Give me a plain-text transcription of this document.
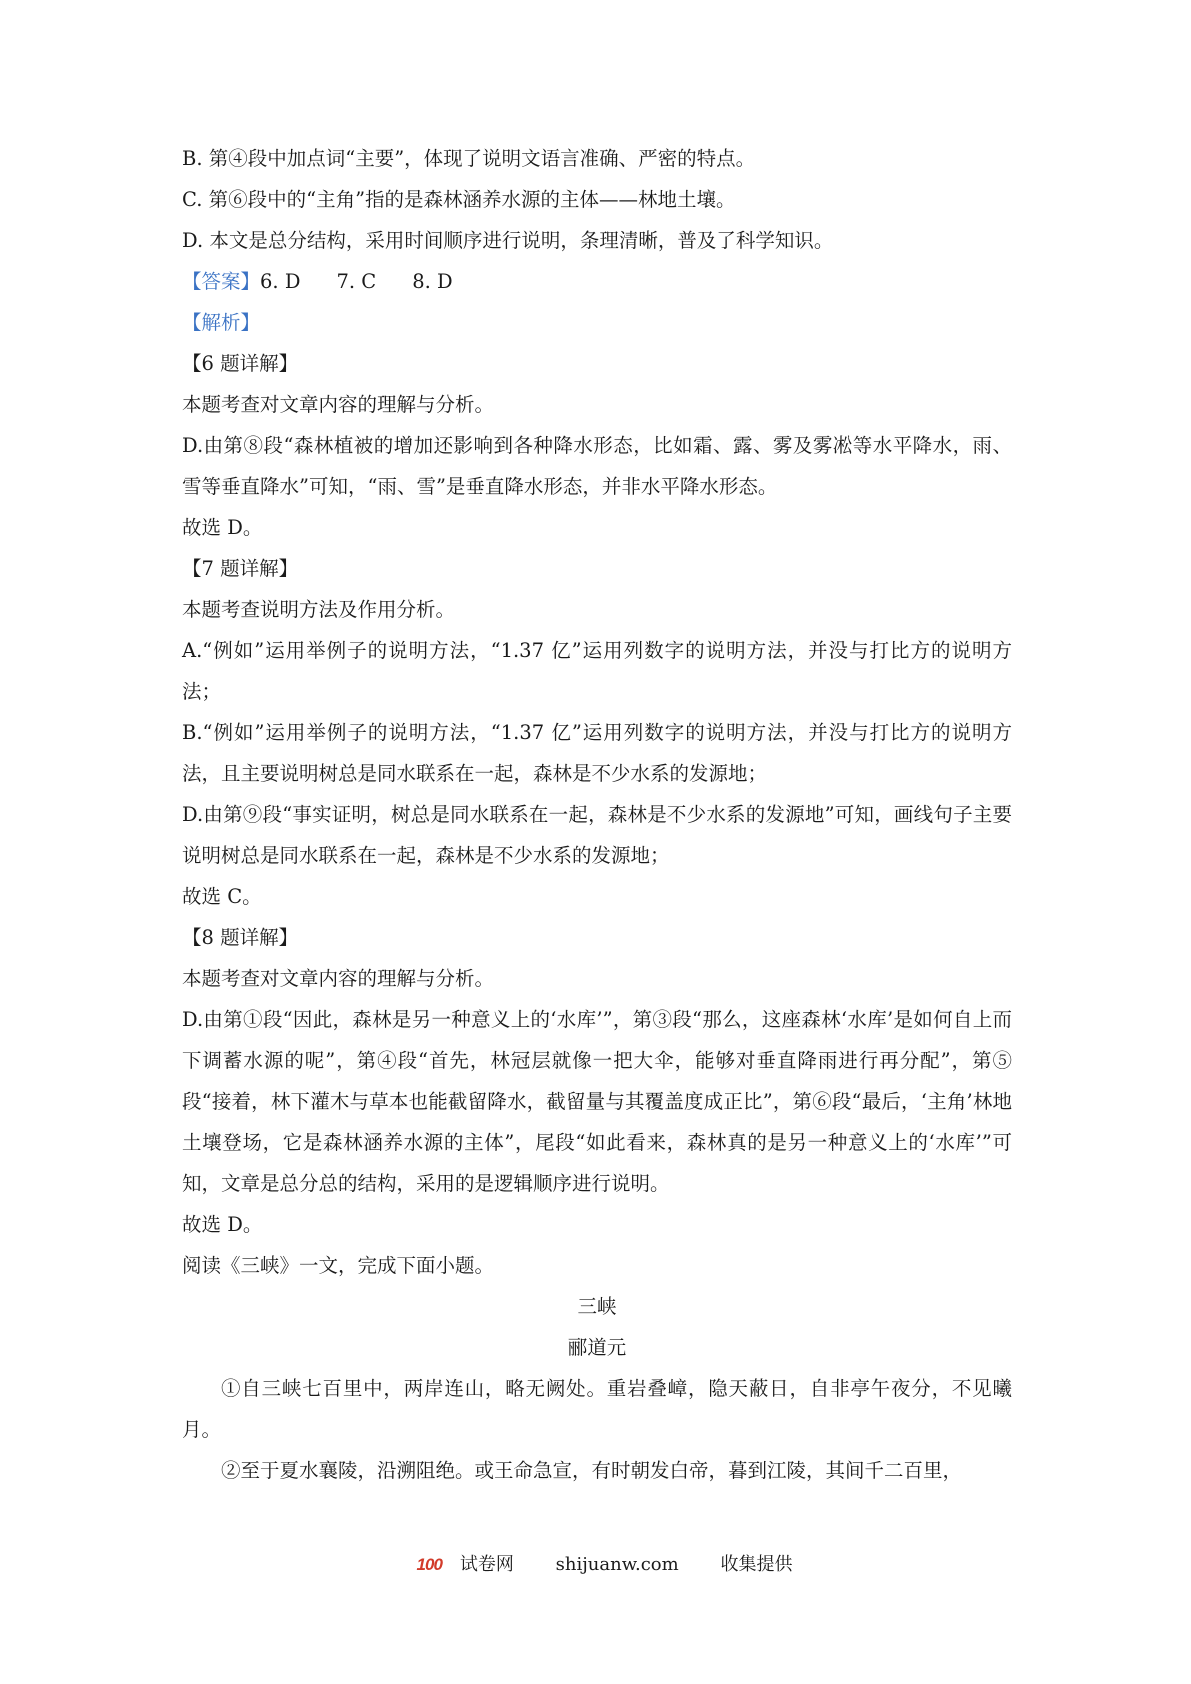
B. 第④段中加点词“主要”，体现了说明文语言准确、严密的特点。
C. 第⑥段中的“主角”指的是森林涵养水源的主体——林地土壤。
D. 本文是总分结构，采用时间顺序进行说明，条理清晰，普及了科学知识。
【答案】6. D 7. C 8. D
【解析】
【6 题详解】
本题考查对文章内容的理解与分析。
D.由第⑧段“森林植被的增加还影响到各种降水形态，比如霜、露、雾及雾凇等水平降水，雨、雪等垂直降水”可知，“雨、雪”是垂直降水形态，并非水平降水形态。
故选 D。
【7 题详解】
本题考查说明方法及作用分析。
A.“例如”运用举例子的说明方法，“1.37 亿”运用列数字的说明方法，并没与打比方的说明方法；
B.“例如”运用举例子的说明方法，“1.37 亿”运用列数字的说明方法，并没与打比方的说明方法，且主要说明树总是同水联系在一起，森林是不少水系的发源地；
D.由第⑨段“事实证明，树总是同水联系在一起，森林是不少水系的发源地”可知，画线句子主要说明树总是同水联系在一起，森林是不少水系的发源地；
故选 C。
【8 题详解】
本题考查对文章内容的理解与分析。
D.由第①段“因此，森林是另一种意义上的‘水库’”，第③段“那么，这座森林‘水库’是如何自上而下调蓄水源的呢”，第④段“首先，林冠层就像一把大伞，能够对垂直降雨进行再分配”，第⑤段“接着，林下灌木与草本也能截留降水，截留量与其覆盖度成正比”，第⑥段“最后，‘主角’林地土壤登场，它是森林涵养水源的主体”，尾段“如此看来，森林真的是另一种意义上的‘水库’”可知，文章是总分总的结构，采用的是逻辑顺序进行说明。
故选 D。
阅读《三峡》一文，完成下面小题。
三峡
郦道元
①自三峡七百里中，两岸连山，略无阙处。重岩叠嶂，隐天蔽日，自非亭午夜分，不见曦月。
②至于夏水襄陵，沿溯阻绝。或王命急宣，有时朝发白帝，暮到江陵，其间千二百里，
100 试卷网 shijuanw.com 收集提供
